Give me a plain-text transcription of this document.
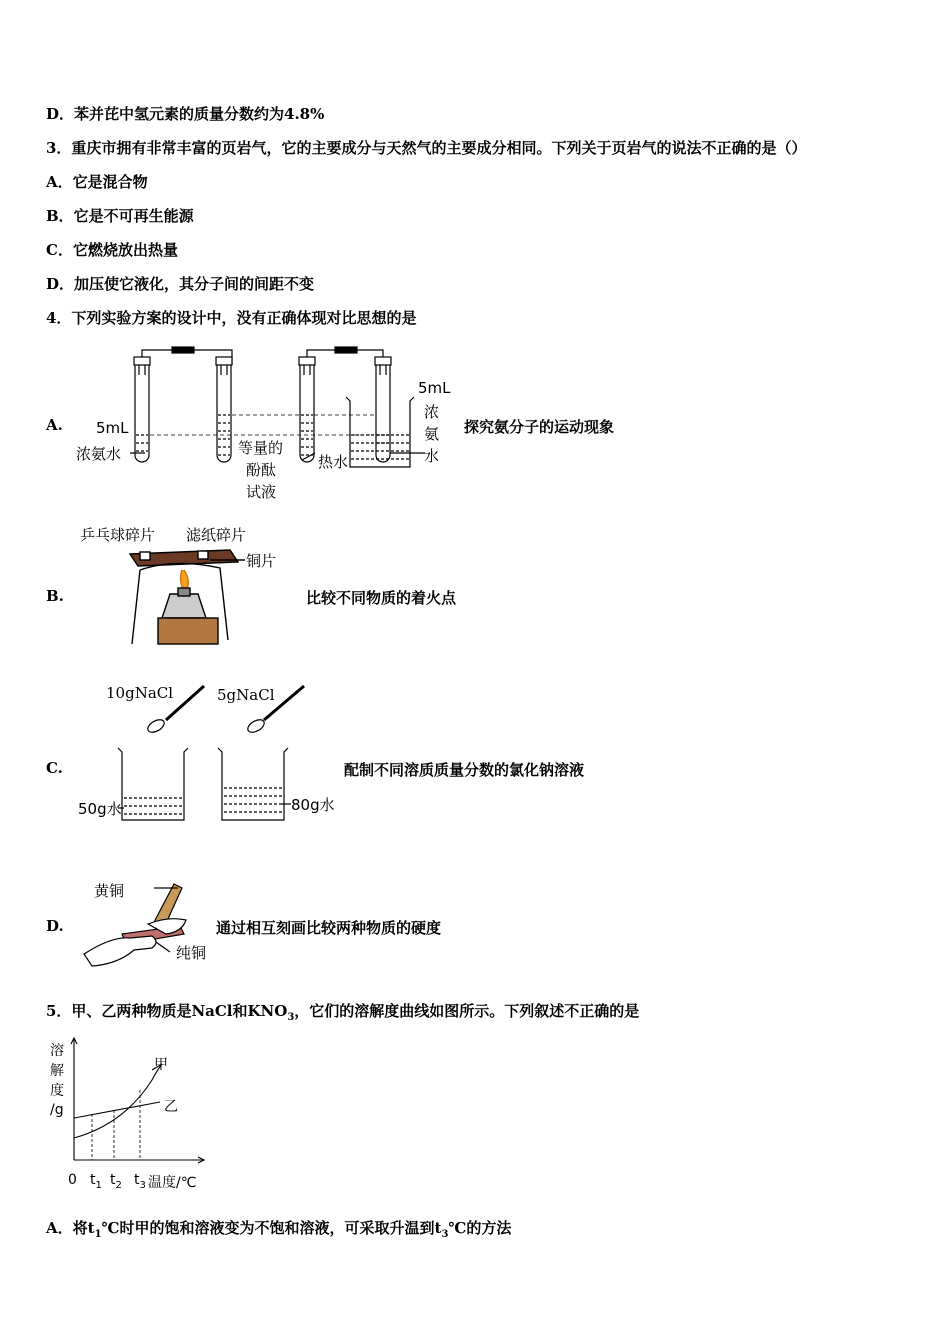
D．苯并芘中氢元素的质量分数约为4.8%
3．重庆市拥有非常丰富的页岩气，它的主要成分与天然气的主要成分相同。下列关于页岩气的说法不正确的是（）
A．它是混合物
B．它是不可再生能源
C．它燃烧放出热量
D．加压使它液化，其分子间的间距不变
4．下列实验方案的设计中，没有正确体现对比思想的是
A. 5mL
浓氨水	等量的
酚酞
试液
热水
5mL
浓
氨
水
探究氨分子的运动现象
B.
乒乓球碎片 滤纸碎片
铜片
比较不同物质的着火点
C.
10gNaCl	5gNaCl
50g水	80g水
配制不同溶质质量分数的氯化钠溶液
D.
黄铜
纯铜
通过相互刻画比较两种物质的硬度
5．甲、乙两种物质是NaCl和$KNO_3$，它们的溶解度曲线如图所示。下列叙述不正确的是
溶
解
度
/g
甲
乙
0 $t_1$ $t_2$ $t_3$ 温度/℃
A．将$t_1℃$时甲的饱和溶液变为不饱和溶液，可采取升温到$t_3℃$的方法
